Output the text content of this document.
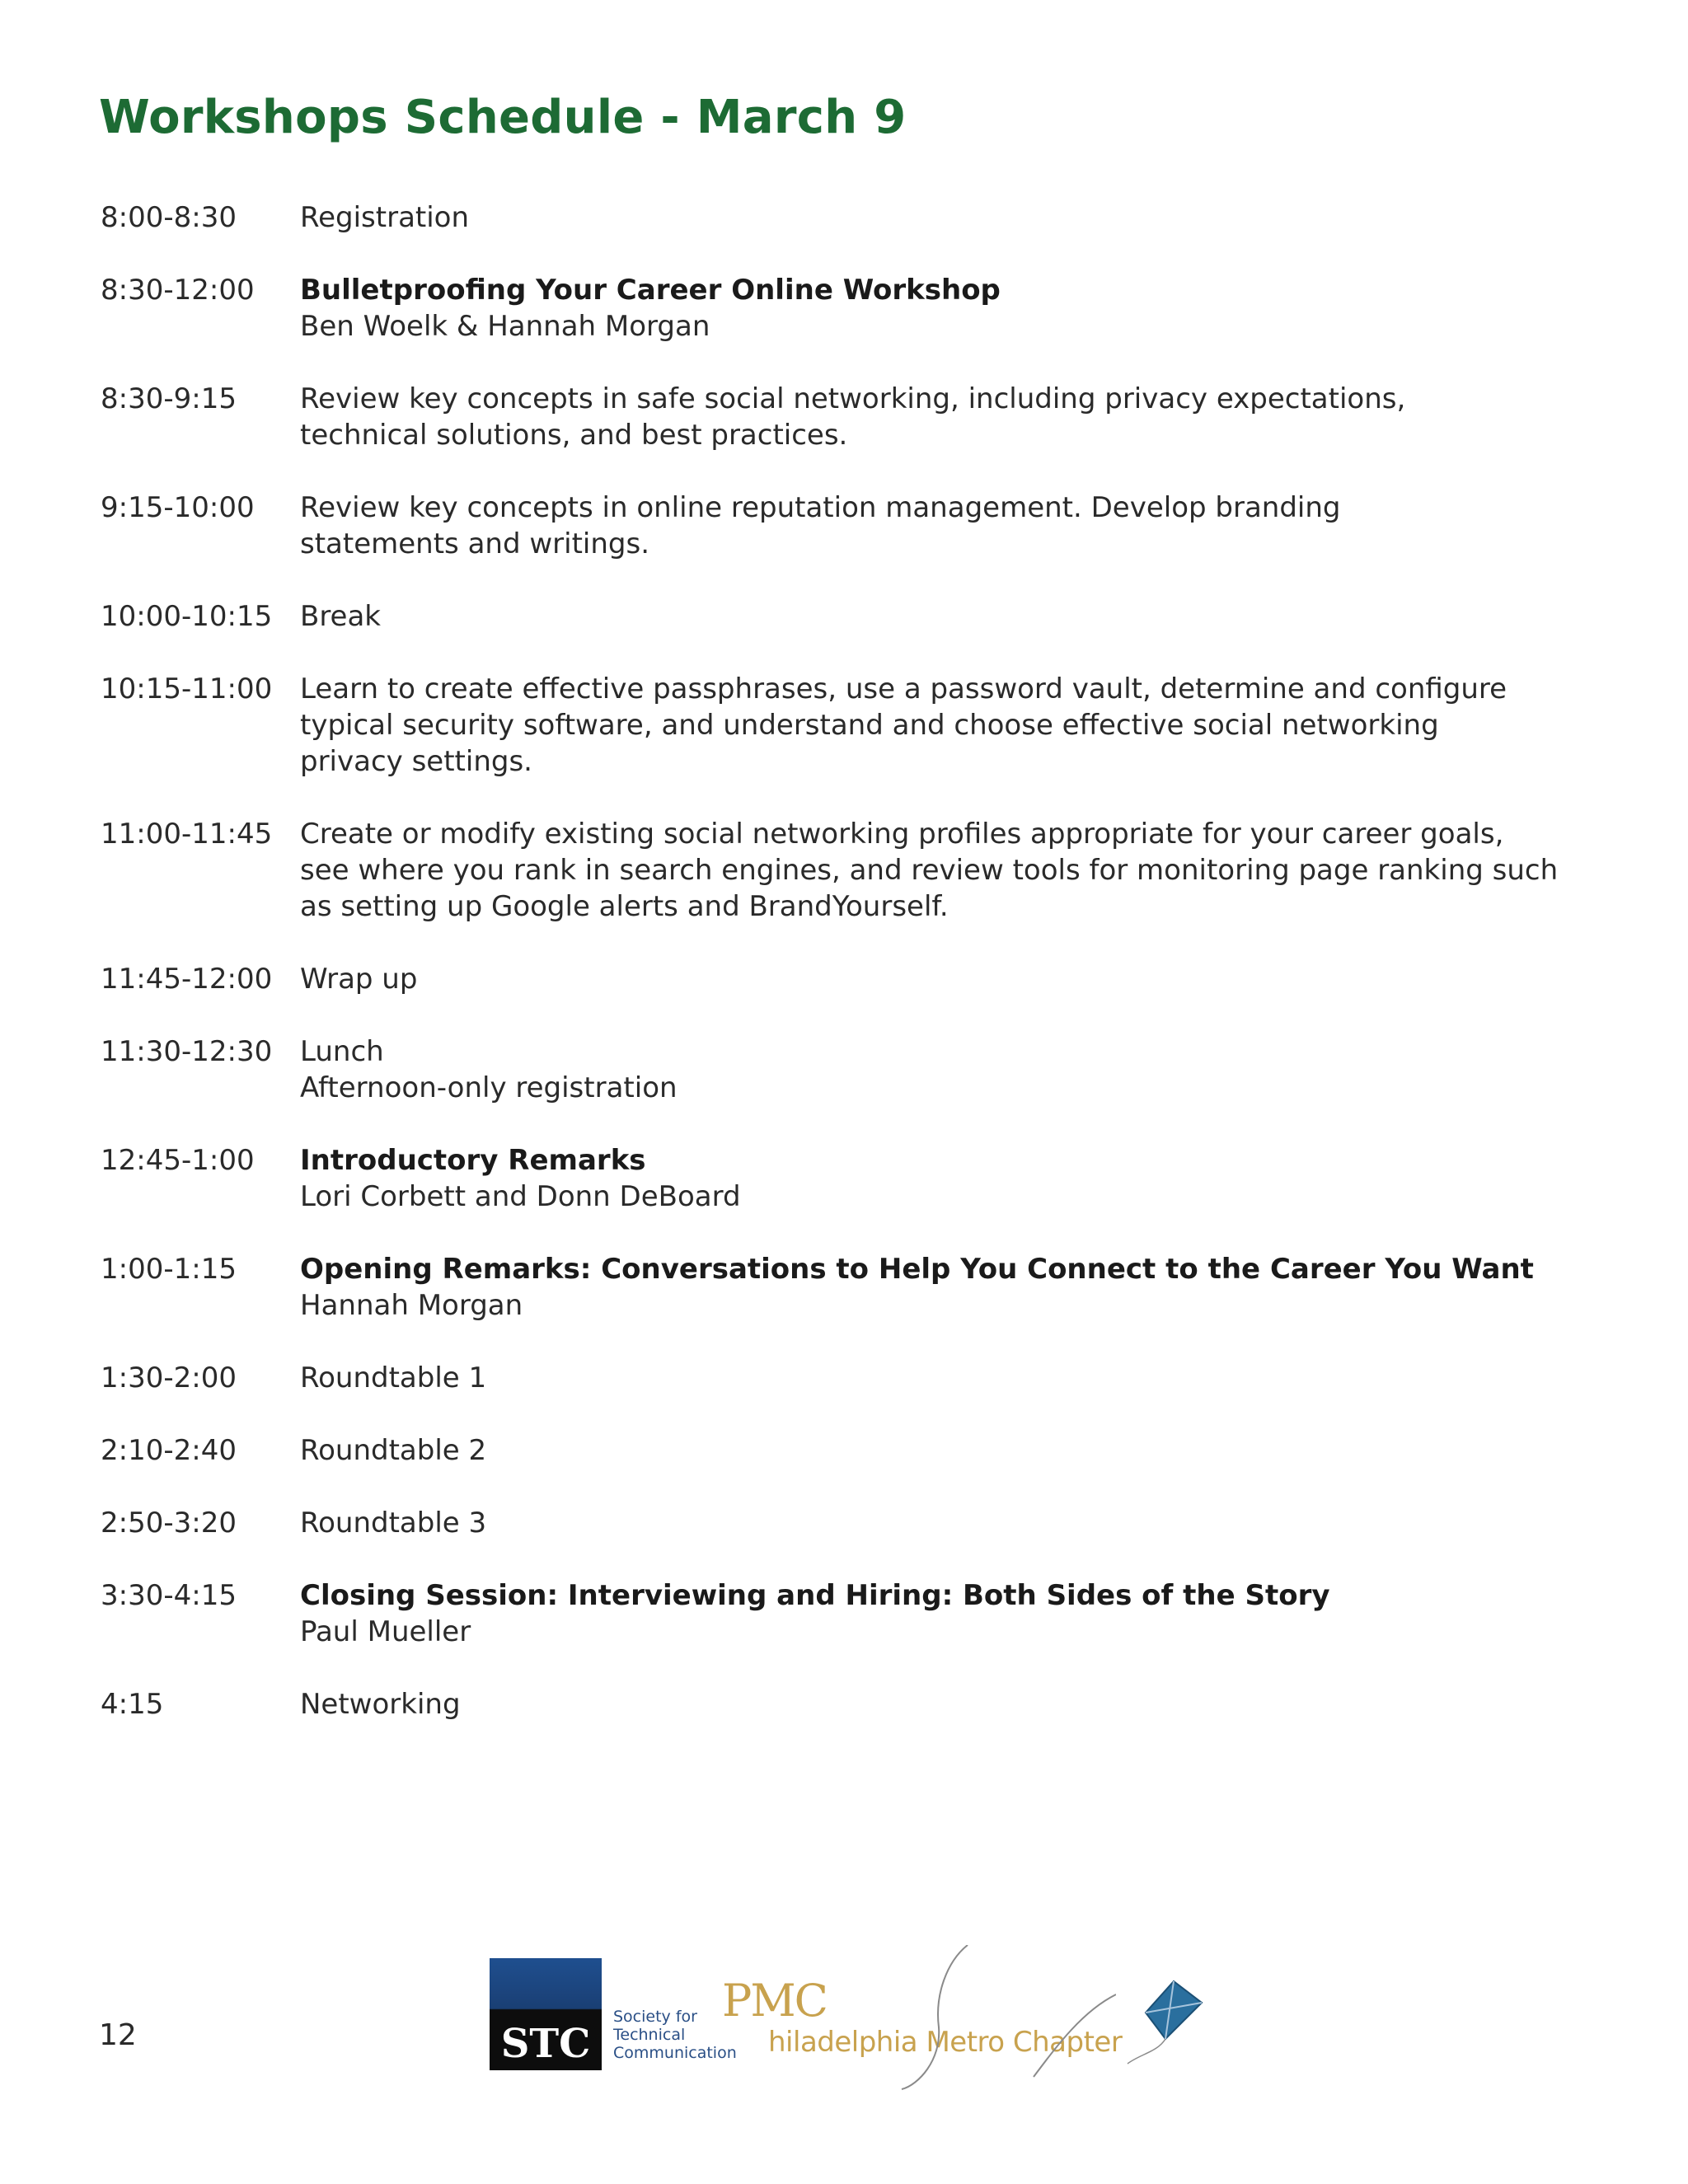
Workshops Schedule - March 9
8:00-8:30	Registration
8:30-12:00	Bulletproofing Your Career Online Workshop
Ben Woelk & Hannah Morgan
8:30-9:15	Review key concepts in safe social networking, including privacy expectations,
technical solutions, and best practices.
9:15-10:00	Review key concepts in online reputation management. Develop branding
statements and writings.
10:00-10:15 Break
10:15-11:00 Learn to create effective passphrases, use a password vault, determine and configure
typical security software, and understand and choose effective social networking
privacy settings.
11:00-11:45 Create or modify existing social networking profiles appropriate for your career goals,
see where you rank in search engines, and review tools for monitoring page ranking such
as setting up Google alerts and BrandYourself.
11:45-12:00 Wrap up
11:30-12:30 Lunch
Afternoon-only registration
12:45-1:00	Introductory Remarks
Lori Corbett and Donn DeBoard
1:00-1:15	Opening Remarks: Conversations to Help You Connect to the Career You Want
Hannah Morgan
1:30-2:00	Roundtable 1
2:10-2:40	Roundtable 2
2:50-3:20	Roundtable 3
3:30-4:15	Closing Session: Interviewing and Hiring: Both Sides of the Story
Paul Mueller
4:15	Networking
12	STC
Society for
Technical
Communication
PMC
hiladelphia Metro Chapter
